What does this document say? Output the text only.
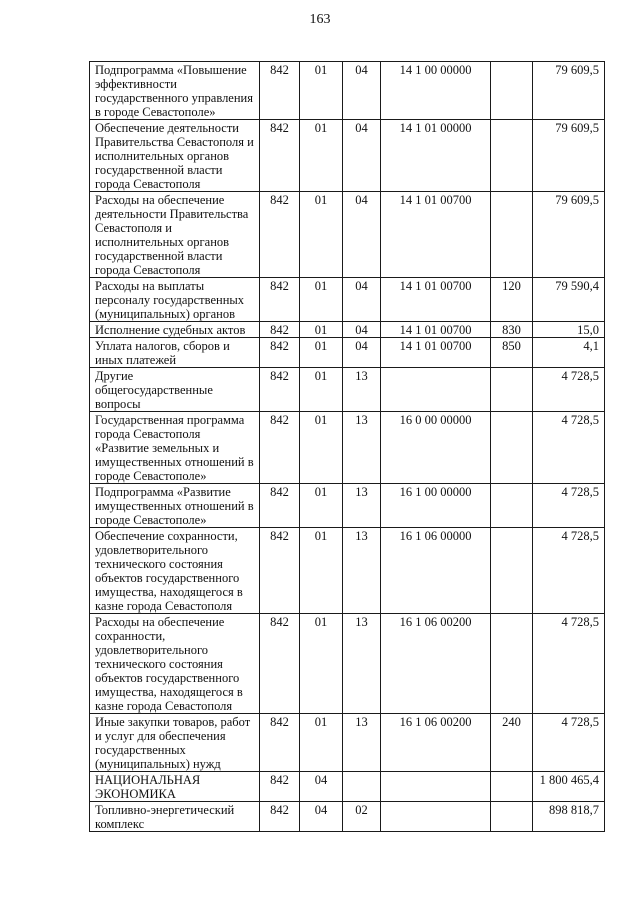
163
Подпрограмма «Повышение эффективности государственного управления в городе Севастополе»	842	01	04	14 1 00 00000		79 609,5
Обеспечение деятельности Правительства Севастополя и исполнительных органов государственной власти города Севастополя	842	01	04	14 1 01 00000		79 609,5
Расходы на обеспечение деятельности Правительства Севастополя и исполнительных органов государственной власти города Севастополя	842	01	04	14 1 01 00700		79 609,5
Расходы на выплаты персоналу государственных (муниципальных) органов	842	01	04	14 1 01 00700	120	79 590,4
Исполнение судебных актов	842	01	04	14 1 01 00700	830	15,0
Уплата налогов, сборов и иных платежей	842	01	04	14 1 01 00700	850	4,1
Другие общегосударственные вопросы	842	01	13			4 728,5
Государственная программа города Севастополя «Развитие земельных и имущественных отношений в городе Севастополе»	842	01	13	16 0 00 00000		4 728,5
Подпрограмма «Развитие имущественных отношений в городе Севастополе»	842	01	13	16 1 00 00000		4 728,5
Обеспечение сохранности, удовлетворительного технического состояния объектов государственного имущества, находящегося в казне города Севастополя	842	01	13	16 1 06 00000		4 728,5
Расходы на обеспечение сохранности, удовлетворительного технического состояния объектов государственного имущества, находящегося в казне города Севастополя	842	01	13	16 1 06 00200		4 728,5
Иные закупки товаров, работ и услуг для обеспечения государственных (муниципальных) нужд	842	01	13	16 1 06 00200	240	4 728,5
НАЦИОНАЛЬНАЯ ЭКОНОМИКА	842	04				1 800 465,4
Топливно-энергетический комплекс	842	04	02			898 818,7
